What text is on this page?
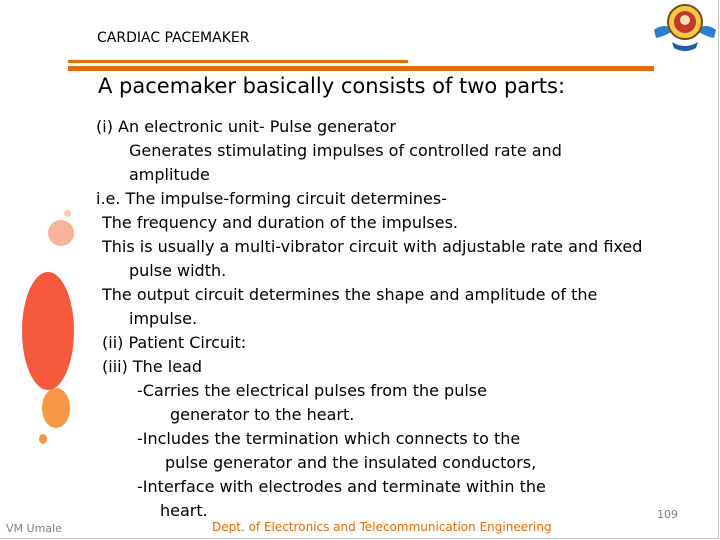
CARDIAC PACEMAKER
A pacemaker basically consists of two parts:
(i) An electronic unit- Pulse generator
Generates stimulating impulses of controlled rate and
amplitude
i.e. The impulse-forming circuit determines-
The frequency and duration of the impulses.
This is usually a multi-vibrator circuit with adjustable rate and fixed
pulse width.
The output circuit determines the shape and amplitude of the
impulse.
(ii) Patient Circuit:
(iii) The lead
-Carries the electrical pulses from the pulse
generator to the heart.
-Includes the termination which connects to the
pulse generator and the insulated conductors,
-Interface with electrodes and terminate within the
heart.
VM Umale	Dept. of Electronics and Telecommunication Engineering
109
